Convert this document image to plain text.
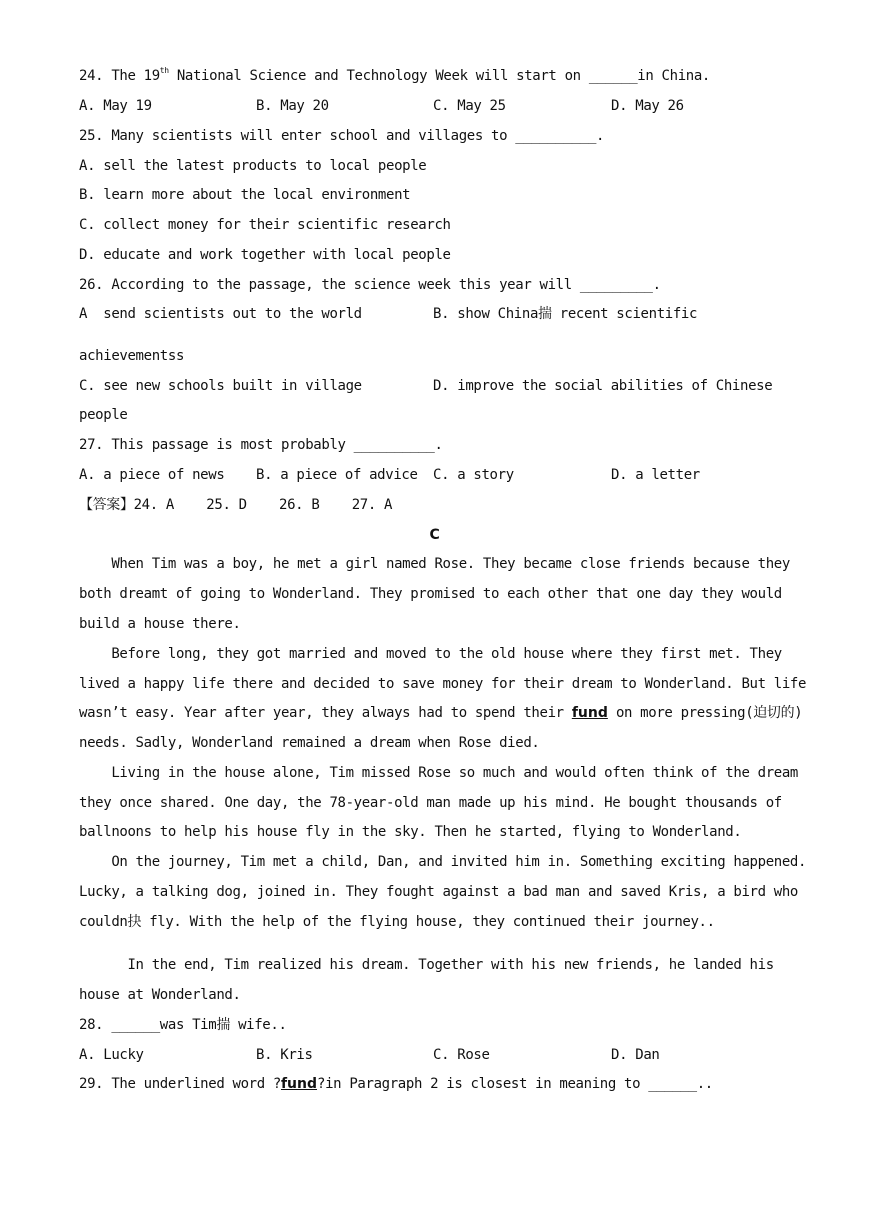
24. The 19th National Science and Technology Week will start on ______in China.
A. May 19	B. May 20	C. May 25	D. May 26
25. Many scientists will enter school and villages to __________.
A. sell the latest products to local people
B. learn more about the local environment
C. collect money for their scientific research
D. educate and work together with local people
26. According to the passage, the science week this year will _________.
A  send scientists out to the world	B. show China揣 recent scientific
achievementss
C. see new schools built in village	D. improve the social abilities of Chinese
people
27. This passage is most probably __________.
A. a piece of news B. a piece of advice C. a story	D. a letter
【答案】24. A    25. D    26. B    27. A
C
When Tim was a boy, he met a girl named Rose. They became close friends because they
both dreamt of going to Wonderland. They promised to each other that one day they would
build a house there.
Before long, they got married and moved to the old house where they first met. They
lived a happy life there and decided to save money for their dream to Wonderland. But life
wasn’t easy. Year after year, they always had to spend their fund on more pressing(迫切的)
needs. Sadly, Wonderland remained a dream when Rose died.
Living in the house alone, Tim missed Rose so much and would often think of the dream
they once shared. One day, the 78-year-old man made up his mind. He bought thousands of
ballnoons to help his house fly in the sky. Then he started, flying to Wonderland.
On the journey, Tim met a child, Dan, and invited him in. Something exciting happened.
Lucky, a talking dog, joined in. They fought against a bad man and saved Kris, a bird who
couldn抉 fly. With the help of the flying house, they continued their journey..
In the end, Tim realized his dream. Together with his new friends, he landed his
house at Wonderland.
28. ______was Tim揣 wife..
A. Lucky	B. Kris	C. Rose	D. Dan
29. The underlined word ?fund?in Paragraph 2 is closest in meaning to ______..
